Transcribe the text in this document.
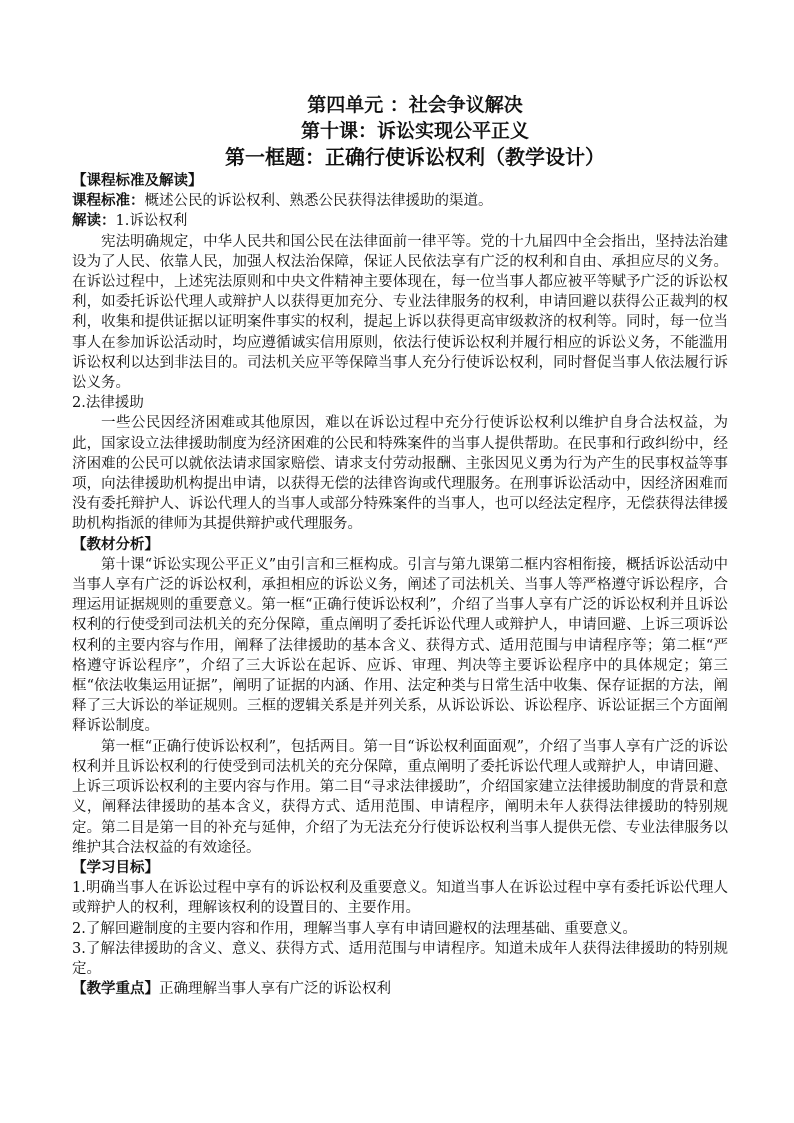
第四单元 ：社会争议解决
第十课：诉讼实现公平正义
第一框题：正确行使诉讼权利（教学设计）
【课程标准及解读】

课程标准：概述公民的诉讼权利、熟悉公民获得法律援助的渠道。

解读：1.诉讼权利

宪法明确规定，中华人民共和国公民在法律面前一律平等。党的十九届四中全会指出，坚持法治建设为了人民、依靠人民，加强人权法治保障，保证人民依法享有广泛的权利和自由、承担应尽的义务。在诉讼过程中，上述宪法原则和中央文件精神主要体现在，每一位当事人都应被平等赋予广泛的诉讼权利，如委托诉讼代理人或辩护人以获得更加充分、专业法律服务的权利，申请回避以获得公正裁判的权利，收集和提供证据以证明案件事实的权利，提起上诉以获得更高审级救济的权利等。同时，每一位当事人在参加诉讼活动时，均应遵循诚实信用原则，依法行使诉讼权利并履行相应的诉讼义务，不能滥用诉讼权利以达到非法目的。司法机关应平等保障当事人充分行使诉讼权利，同时督促当事人依法履行诉讼义务。

2.法律援助

一些公民因经济困难或其他原因，难以在诉讼过程中充分行使诉讼权利以维护自身合法权益，为此，国家设立法律援助制度为经济困难的公民和特殊案件的当事人提供帮助。在民事和行政纠纷中，经济困难的公民可以就依法请求国家赔偿、请求支付劳动报酬、主张因见义勇为行为产生的民事权益等事项，向法律援助机构提出申请，以获得无偿的法律咨询或代理服务。在刑事诉讼活动中，因经济困难而没有委托辩护人、诉讼代理人的当事人或部分特殊案件的当事人，也可以经法定程序，无偿获得法律援助机构指派的律师为其提供辩护或代理服务。

【教材分析】

第十课“诉讼实现公平正义”由引言和三框构成。引言与第九课第二框内容相衔接，概括诉讼活动中当事人享有广泛的诉讼权利，承担相应的诉讼义务，阐述了司法机关、当事人等严格遵守诉讼程序，合理运用证据规则的重要意义。第一框“正确行使诉讼权利”，介绍了当事人享有广泛的诉讼权利并且诉讼权利的行使受到司法机关的充分保障，重点阐明了委托诉讼代理人或辩护人，申请回避、上诉三项诉讼权利的主要内容与作用，阐释了法律援助的基本含义、获得方式、适用范围与申请程序等；第二框“严格遵守诉讼程序”，介绍了三大诉讼在起诉、应诉、审理、判决等主要诉讼程序中的具体规定；第三框“依法收集运用证据”，阐明了证据的内涵、作用、法定种类与日常生活中收集、保存证据的方法，阐释了三大诉讼的举证规则。三框的逻辑关系是并列关系，从诉讼诉讼、诉讼程序、诉讼证据三个方面阐释诉讼制度。

第一框“正确行使诉讼权利”，包括两目。第一目“诉讼权利面面观”，介绍了当事人享有广泛的诉讼权利并且诉讼权利的行使受到司法机关的充分保障，重点阐明了委托诉讼代理人或辩护人，申请回避、上诉三项诉讼权利的主要内容与作用。第二目“寻求法律援助”，介绍国家建立法律援助制度的背景和意义，阐释法律援助的基本含义，获得方式、适用范围、申请程序，阐明未年人获得法律援助的特别规定。第二目是第一目的补充与延伸，介绍了为无法充分行使诉讼权利当事人提供无偿、专业法律服务以维护其合法权益的有效途径。

【学习目标】

1.明确当事人在诉讼过程中享有的诉讼权利及重要意义。知道当事人在诉讼过程中享有委托诉讼代理人或辩护人的权利，理解该权利的设置目的、主要作用。

2.了解回避制度的主要内容和作用，理解当事人享有申请回避权的法理基础、重要意义。

3.了解法律援助的含义、意义、获得方式、适用范围与申请程序。知道未成年人获得法律援助的特别规定。

【教学重点】正确理解当事人享有广泛的诉讼权利
